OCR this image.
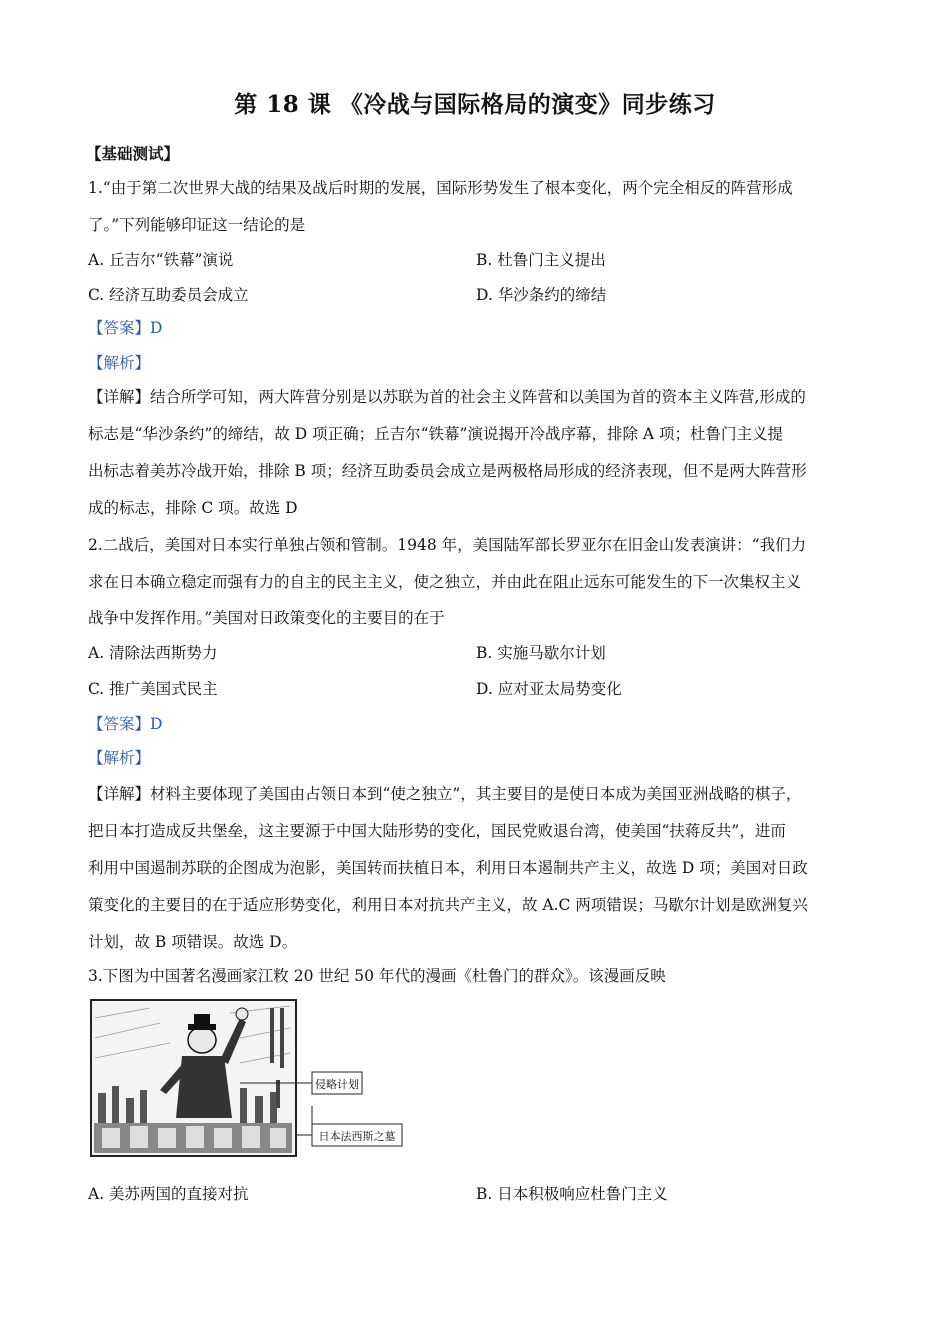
第 18 课 《冷战与国际格局的演变》同步练习
【基础测试】
1.“由于第二次世界大战的结果及战后时期的发展，国际形势发生了根本变化，两个完全相反的阵营形成
了。”下列能够印证这一结论的是
A. 丘吉尔“铁幕”演说	B. 杜鲁门主义提出
C. 经济互助委员会成立	D. 华沙条约的缔结
【答案】D
【解析】
【详解】结合所学可知，两大阵营分别是以苏联为首的社会主义阵营和以美国为首的资本主义阵营,形成的
标志是“华沙条约”的缔结，故 D 项正确；丘吉尔“铁幕”演说揭开冷战序幕，排除 A 项；杜鲁门主义提
出标志着美苏冷战开始，排除 B 项；经济互助委员会成立是两极格局形成的经济表现，但不是两大阵营形
成的标志，排除 C 项。故选 D
2.二战后，美国对日本实行单独占领和管制。1948 年，美国陆军部长罗亚尔在旧金山发表演讲：“我们力
求在日本确立稳定而强有力的自主的民主主义，使之独立，并由此在阻止远东可能发生的下一次集权主义
战争中发挥作用。”美国对日政策变化的主要目的在于
A. 清除法西斯势力	B. 实施马歇尔计划
C. 推广美国式民主	D. 应对亚太局势变化
【答案】D
【解析】
【详解】材料主要体现了美国由占领日本到“使之独立”，其主要目的是使日本成为美国亚洲战略的棋子，
把日本打造成反共堡垒，这主要源于中国大陆形势的变化，国民党败退台湾，使美国“扶蒋反共”，进而
利用中国遏制苏联的企图成为泡影，美国转而扶植日本，利用日本遏制共产主义，故选 D 项；美国对日政
策变化的主要目的在于适应形势变化，利用日本对抗共产主义，故 A.C 两项错误；马歇尔计划是欧洲复兴
计划，故 B 项错误。故选 D。
3.下图为中国著名漫画家江敉 20 世纪 50 年代的漫画《杜鲁门的群众》。该漫画反映
侵略计划
日本法西斯之墓
A. 美苏两国的直接对抗	B. 日本积极响应杜鲁门主义
